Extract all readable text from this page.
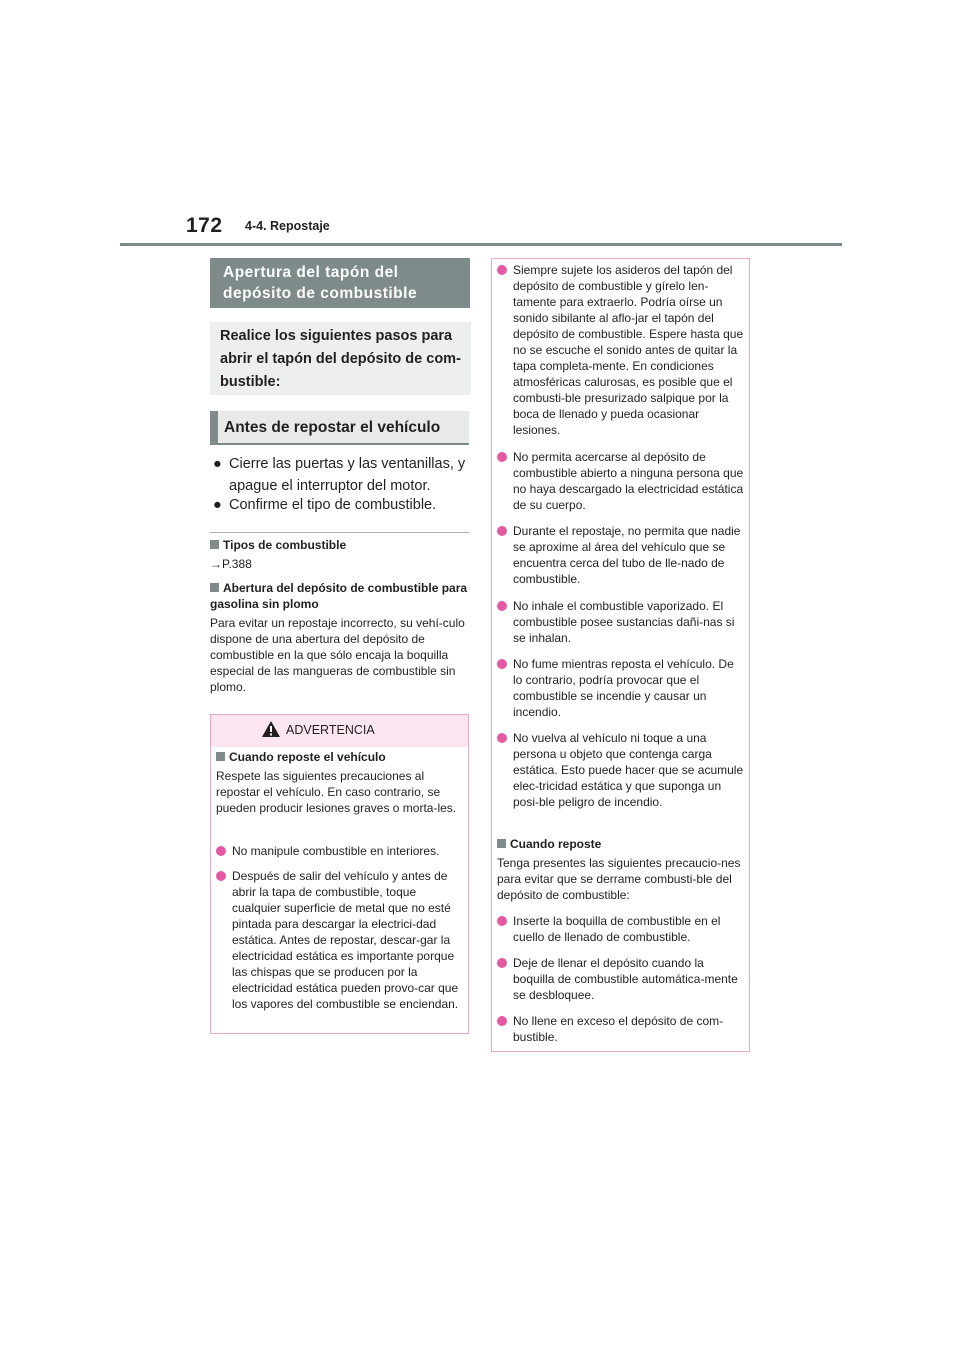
172 4-4. Repostaje
Apertura del tapón del depósito de combustible
Realice los siguientes pasos para abrir el tapón del depósito de com-bustible:
Antes de repostar el vehículo
● Cierre las puertas y las ventanillas, y apague el interruptor del motor.
● Confirme el tipo de combustible.
Tipos de combustible
→P.388
Abertura del depósito de combustible para gasolina sin plomo
Para evitar un repostaje incorrecto, su vehí-culo dispone de una abertura del depósito de combustible en la que sólo encaja la boquilla especial de las mangueras de combustible sin plomo.
ADVERTENCIA
Cuando reposte el vehículo
Respete las siguientes precauciones al repostar el vehículo. En caso contrario, se pueden producir lesiones graves o morta-les.
No manipule combustible en interiores.
Después de salir del vehículo y antes de abrir la tapa de combustible, toque cualquier superficie de metal que no esté pintada para descargar la electrici-dad estática. Antes de repostar, descar-gar la electricidad estática es importante porque las chispas que se producen por la electricidad estática pueden provo-car que los vapores del combustible se enciendan.
Siempre sujete los asideros del tapón del depósito de combustible y gírelo len-tamente para extraerlo. Podría oírse un sonido sibilante al aflo-jar el tapón del depósito de combustible. Espere hasta que no se escuche el sonido antes de quitar la tapa completa-mente. En condiciones atmosféricas calurosas, es posible que el combusti-ble presurizado salpique por la boca de llenado y pueda ocasionar lesiones.
No permita acercarse al depósito de combustible abierto a ninguna persona que no haya descargado la electricidad estática de su cuerpo.
Durante el repostaje, no permita que nadie se aproxime al área del vehículo que se encuentra cerca del tubo de lle-nado de combustible.
No inhale el combustible vaporizado. El combustible posee sustancias dañi-nas si se inhalan.
No fume mientras reposta el vehículo. De lo contrario, podría provocar que el combustible se incendie y causar un incendio.
No vuelva al vehículo ni toque a una persona u objeto que contenga carga estática. Esto puede hacer que se acumule elec-tricidad estática y que suponga un posi-ble peligro de incendio.
Cuando reposte
Tenga presentes las siguientes precaucio-nes para evitar que se derrame combusti-ble del depósito de combustible:
Inserte la boquilla de combustible en el cuello de llenado de combustible.
Deje de llenar el depósito cuando la boquilla de combustible automática-mente se desbloquee.
No llene en exceso el depósito de com-bustible.
